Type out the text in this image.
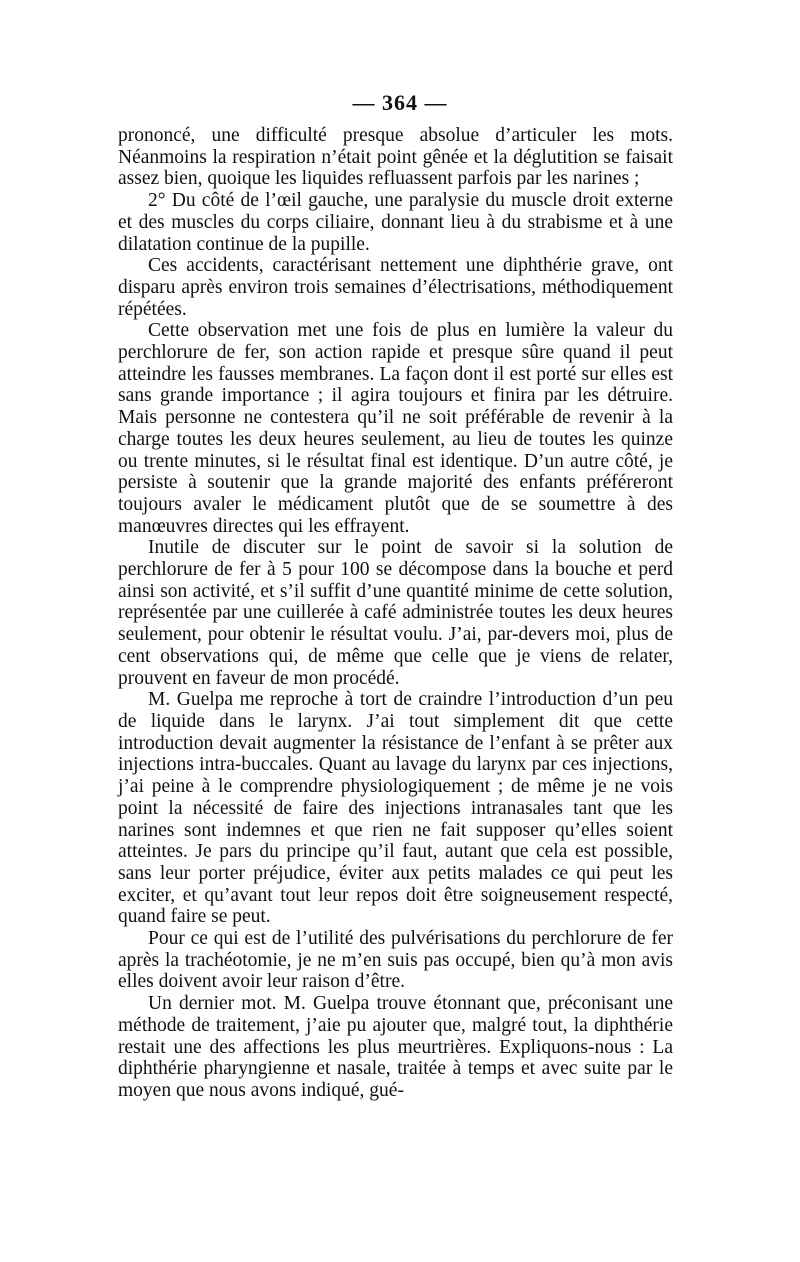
— 364 —

prononcé, une difficulté presque absolue d’articuler les mots. Néanmoins la respiration n’était point gênée et la déglutition se faisait assez bien, quoique les liquides refluassent parfois par les narines ;

2° Du côté de l’œil gauche, une paralysie du muscle droit externe et des muscles du corps ciliaire, donnant lieu à du strabisme et à une dilatation continue de la pupille.

Ces accidents, caractérisant nettement une diphthérie grave, ont disparu après environ trois semaines d’électrisations, méthodiquement répétées.

Cette observation met une fois de plus en lumière la valeur du perchlorure de fer, son action rapide et presque sûre quand il peut atteindre les fausses membranes. La façon dont il est porté sur elles est sans grande importance ; il agira toujours et finira par les détruire. Mais personne ne contestera qu’il ne soit préférable de revenir à la charge toutes les deux heures seulement, au lieu de toutes les quinze ou trente minutes, si le résultat final est identique. D’un autre côté, je persiste à soutenir que la grande majorité des enfants préféreront toujours avaler le médicament plutôt que de se soumettre à des manœuvres directes qui les effrayent.

Inutile de discuter sur le point de savoir si la solution de perchlorure de fer à 5 pour 100 se décompose dans la bouche et perd ainsi son activité, et s’il suffit d’une quantité minime de cette solution, représentée par une cuillerée à café administrée toutes les deux heures seulement, pour obtenir le résultat voulu. J’ai, par-devers moi, plus de cent observations qui, de même que celle que je viens de relater, prouvent en faveur de mon procédé.

M. Guelpa me reproche à tort de craindre l’introduction d’un peu de liquide dans le larynx. J’ai tout simplement dit que cette introduction devait augmenter la résistance de l’enfant à se prêter aux injections intra-buccales. Quant au lavage du larynx par ces injections, j’ai peine à le comprendre physiologiquement ; de même je ne vois point la nécessité de faire des injections intranasales tant que les narines sont indemnes et que rien ne fait supposer qu’elles soient atteintes. Je pars du principe qu’il faut, autant que cela est possible, sans leur porter préjudice, éviter aux petits malades ce qui peut les exciter, et qu’avant tout leur repos doit être soigneusement respecté, quand faire se peut.

Pour ce qui est de l’utilité des pulvérisations du perchlorure de fer après la trachéotomie, je ne m’en suis pas occupé, bien qu’à mon avis elles doivent avoir leur raison d’être.

Un dernier mot. M. Guelpa trouve étonnant que, préconisant une méthode de traitement, j’aie pu ajouter que, malgré tout, la diphthérie restait une des affections les plus meurtrières. Expliquons-nous : La diphthérie pharyngienne et nasale, traitée à temps et avec suite par le moyen que nous avons indiqué, gué-
